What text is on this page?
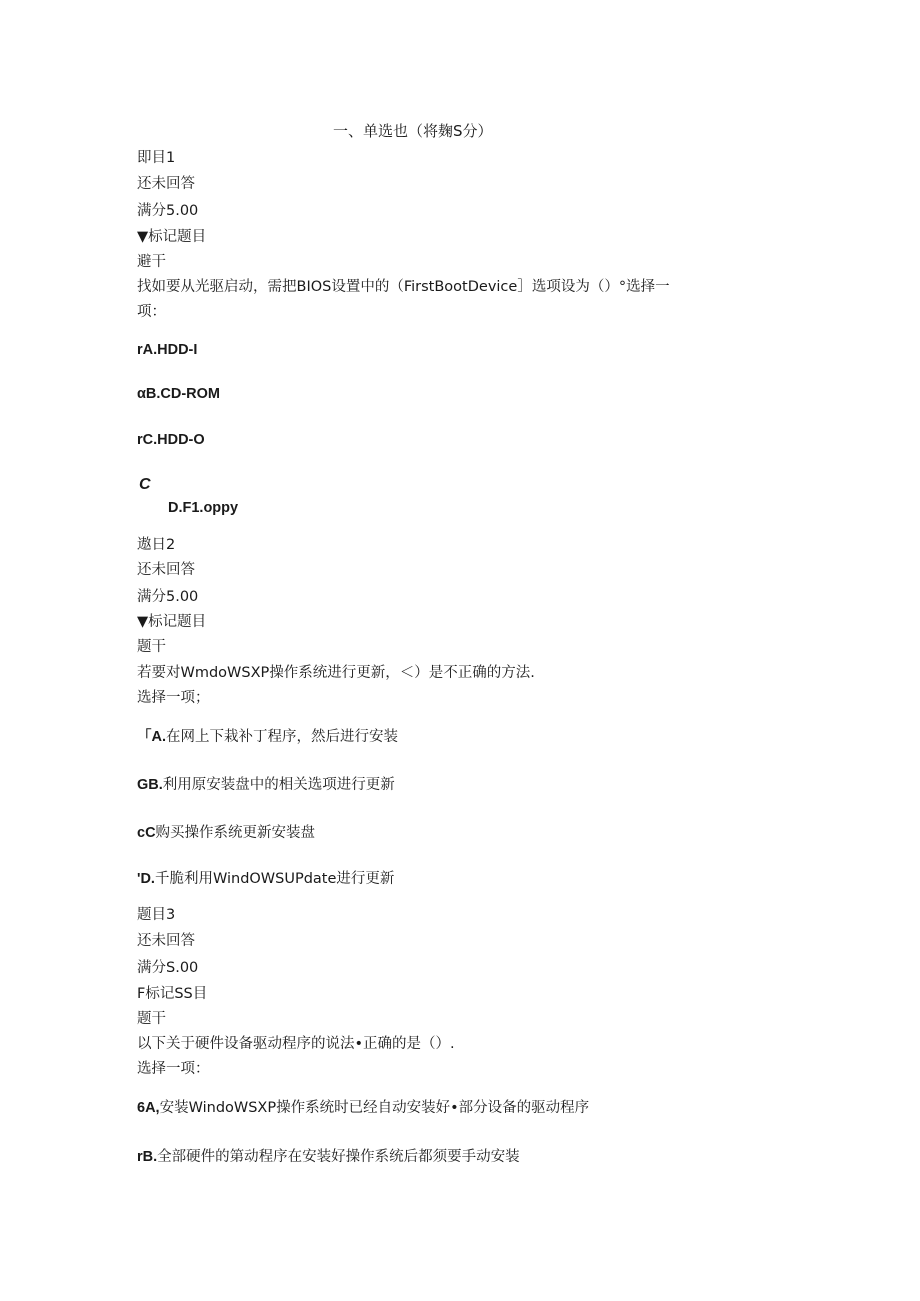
一、单选也（将麹S分）
即目1
还未回答
满分5.00
▼标记题目
避干
找如要从光驱启动，需把BIOS设置中的（FirstBootDevice］选项设为（）°选择一
项：
rA.HDD-I
αB.CD-ROM
rC.HDD-O
C
D.F1.oppy
遨日2
还未回答
满分5.00
▼标记题目
题干
若要对WmdoWSXP操作系统进行更新，＜）是不正确的方法.
选择一项；
「A.在网上下栽补丁程序，然后进行安装
GB.利用原安装盘中的相关选项进行更新
cC购买操作系统更新安装盘
'D.千脆利用WindOWSUPdate进行更新
题目3
还未回答
满分S.00
F标记SS目
题干
以下关于硬件设备驱动程序的说法•正确的是（）.
选择一项：
6A,安装WindoWSXP操作系统时已经自动安装好•部分设备的驱动程序
rB.全部硬件的第动程序在安装好操作系统后都须要手动安装
